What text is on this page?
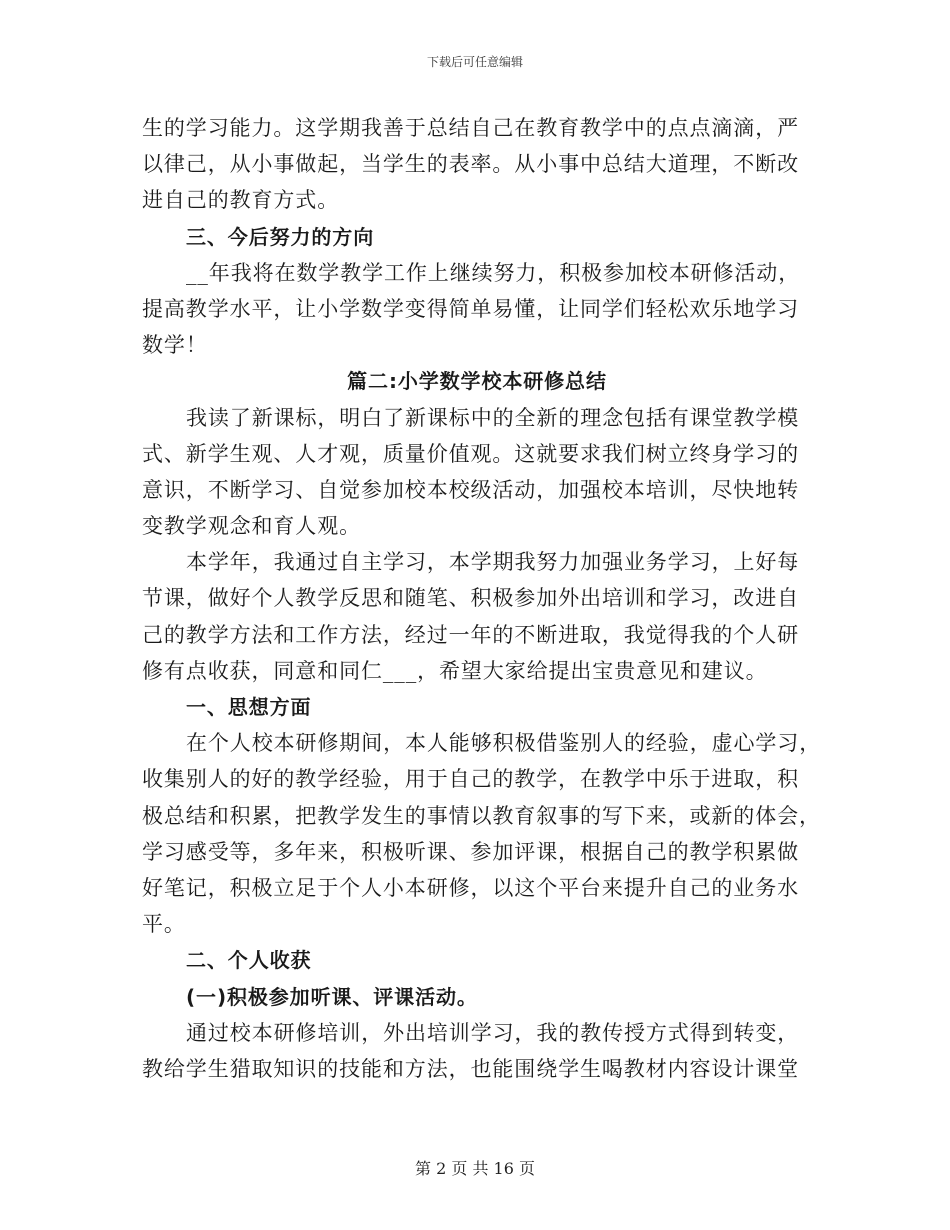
下载后可任意编辑
生的学习能力。这学期我善于总结自己在教育教学中的点点滴滴，严
以律己，从小事做起，当学生的表率。从小事中总结大道理，不断改
进自己的教育方式。
三、今后努力的方向
__年我将在数学教学工作上继续努力，积极参加校本研修活动，
提高教学水平，让小学数学变得简单易懂，让同学们轻松欢乐地学习
数学！
篇二:小学数学校本研修总结
我读了新课标，明白了新课标中的全新的理念包括有课堂教学模
式、新学生观、人才观，质量价值观。这就要求我们树立终身学习的
意识，不断学习、自觉参加校本校级活动，加强校本培训，尽快地转
变教学观念和育人观。
本学年，我通过自主学习，本学期我努力加强业务学习，上好每
节课，做好个人教学反思和随笔、积极参加外出培训和学习，改进自
己的教学方法和工作方法，经过一年的不断进取，我觉得我的个人研
修有点收获，同意和同仁___，希望大家给提出宝贵意见和建议。
一、思想方面
在个人校本研修期间，本人能够积极借鉴别人的经验，虚心学习，
收集别人的好的教学经验，用于自己的教学，在教学中乐于进取，积
极总结和积累，把教学发生的事情以教育叙事的写下来，或新的体会，
学习感受等，多年来，积极听课、参加评课，根据自己的教学积累做
好笔记，积极立足于个人小本研修，以这个平台来提升自己的业务水
平。
二、个人收获
(一)积极参加听课、评课活动。
通过校本研修培训，外出培训学习，我的教传授方式得到转变，
教给学生猎取知识的技能和方法，也能围绕学生喝教材内容设计课堂
第 2 页 共 16 页
